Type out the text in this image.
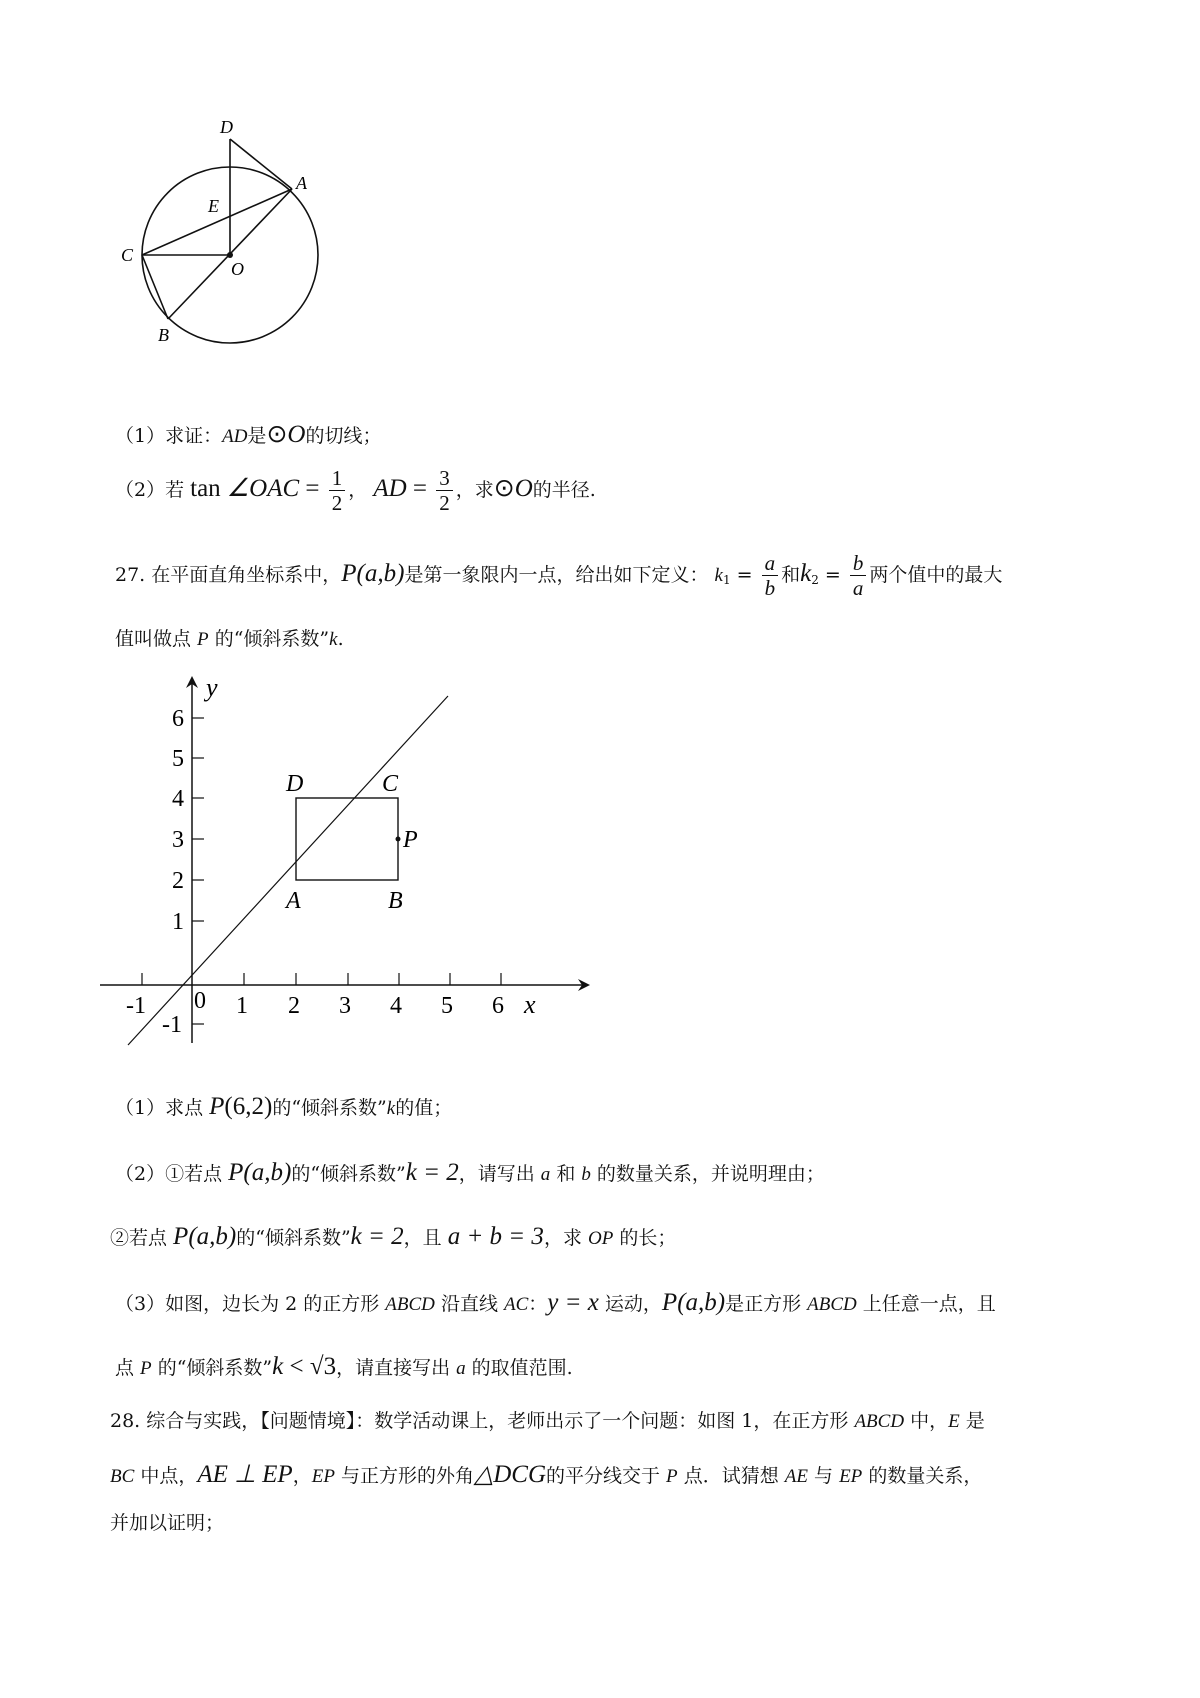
D
A
E
C
O
B
（1）求证：AD是⊙O的切线；
（2）若 tan ∠OAC = $\frac{1}{2}$ ， AD = $\frac{3}{2}$ ，求⊙O的半径.
27. 在平面直角坐标系中，P(a,b)是第一象限内一点，给出如下定义： $k_1 = \frac{a}{b}$ 和$k_2 = \frac{b}{a}$ 两个值中的最大
值叫做点 P 的“倾斜系数”k.
-1 0 1 2 3 4 5 6
6
5
4
3
2
1
-1
x
y
D	C
P
A	B
（1）求点 P(6,2)的“倾斜系数”k的值；
（2）①若点 P(a,b)的“倾斜系数”k = 2，请写出 a 和 b 的数量关系，并说明理由；
②若点 P(a,b)的“倾斜系数”k = 2，且 a + b = 3，求 OP 的长；
（3）如图，边长为 2 的正方形 ABCD 沿直线 AC：y = x 运动，P(a,b)是正方形 ABCD 上任意一点，且
点 P 的“倾斜系数”k < √3，请直接写出 a 的取值范围.
28. 综合与实践，【问题情境】：数学活动课上，老师出示了一个问题：如图 1，在正方形 ABCD 中，E 是
BC 中点，AE ⊥ EP，EP 与正方形的外角△DCG的平分线交于 P 点．试猜想 AE 与 EP 的数量关系，
并加以证明；
